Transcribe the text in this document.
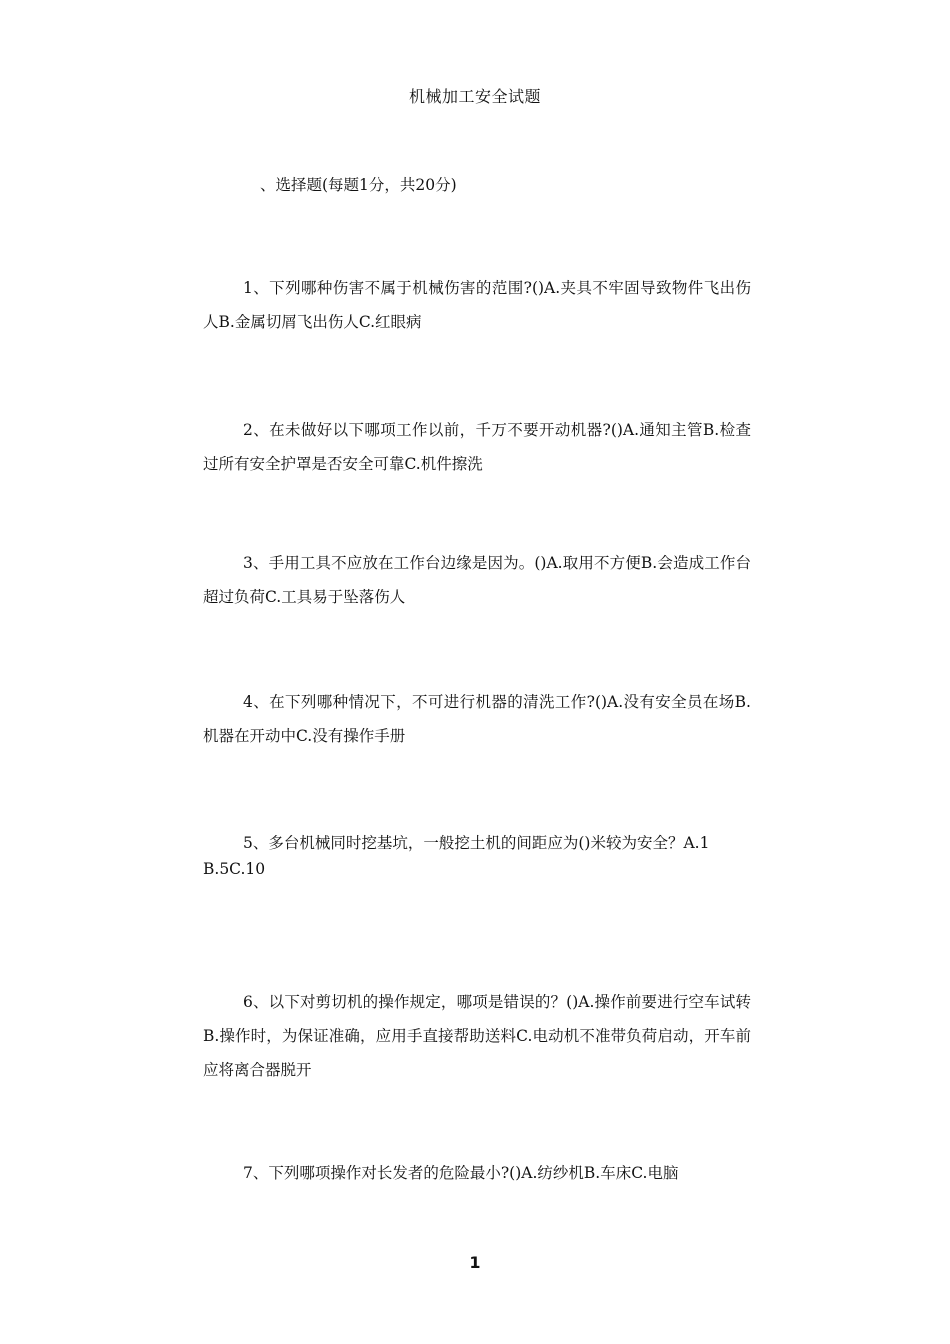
机械加工安全试题
、选择题(每题1分，共20分)
1、下列哪种伤害不属于机械伤害的范围?()A.夹具不牢固导致物件飞出伤人B.金属切屑飞出伤人C.红眼病
2、在未做好以下哪项工作以前，千万不要开动机器?()A.通知主管B.检查过所有安全护罩是否安全可靠C.机件擦洗
3、手用工具不应放在工作台边缘是因为。()A.取用不方便B.会造成工作台超过负荷C.工具易于坠落伤人
4、在下列哪种情况下，不可进行机器的清洗工作?()A.没有安全员在场B.机器在开动中C.没有操作手册
5、多台机械同时挖基坑，一般挖土机的间距应为()米较为安全？A.1
B.5C.10
6、以下对剪切机的操作规定，哪项是错误的？()A.操作前要进行空车试转B.操作时，为保证准确，应用手直接帮助送料C.电动机不准带负荷启动，开车前应将离合器脱开
7、下列哪项操作对长发者的危险最小?()A.纺纱机B.车床C.电脑
1
